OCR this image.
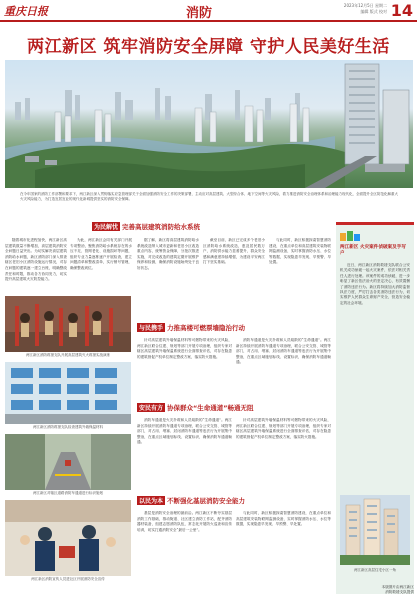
重庆日报	消防
2023年12月5日 星期二
编辑 版式 校对 14
两江新区 筑牢消防安全屏障 守护人民美好生活
在今年国家的消防工作部署和要求下，两江新区深入贯彻落实应急管理部关于全面加强消防安全工作的决策部署，主动应对高层建筑、大型综合体、地下空间等火灾风险，着力推进消防安全治理体系和治理能力现代化，全面提升全区防范化解重大火灾风险能力，为打造宜居宜业的现代化新城提供坚实的消防安全保障。
为民解忧 完善高层建筑消防给水系统
随着城市化进程加快，两江新区高层建筑数量不断增加，高层建筑消防安全问题日益突出。为切实解决高层建筑消防给水问题，新区消防部门深入排查辖区老旧小区消防设施运行情况，对存在问题的建筑逐一建立台账，明确整改责任和时限，推动各方协同发力，切实提升高层建筑火灾防控能力。
为此，两江新区会同有关部门开展专项整治，聚焦消防给水系统存在的水压不足、管网老化、设施损坏等问题，组织专业力量逐栋逐户开展检查，建立问题清单和整改清单，实行销号管理，确保整改到位。
据了解，新区将高层建筑消防给水系统改造纳入城市更新和老旧小区改造重点内容，统筹资金保障，分批次推进实施，对完成改造的建筑定期开展维护保养和检测，确保消防设施始终处于良好状态。
截至目前，新区已完成多个老旧小区消防给水系统改造，惠及居民数万户，消防供水能力显著提升，群众安全感和满意度持续增强，为建设平安两江打下坚实基础。
与此同时，新区积极探索智慧消防建设，在重点单位和高层建筑安装物联网监测设备，实时掌握消防水压、水位等数据，实现隐患早发现、早预警、早处置。
两江新区消防救援支队开展高层建筑灭火救援实战演练
两江新区消防救援支队检查建筑外墙保温材料
两江新区对辖区道路消防车通道进行标识施划
两江新区消防宣传人员进社区开展消防安全宣传
与民携手 力推高楼可燃票墙隐治行动
针对高层建筑外墙保温材料等可燃物带来的火灾风险，两江新区联合住建、规划等部门开展专项治理，组织专家对辖区高层建筑外墙保温系统进行全面排查评估，对存在隐患的建筑督促产权单位制定整改方案，落实防火措施。
消防车通道是火灾扑救和人员疏散的“生命通道”。两江新区持续开展消防车通道专项治理，联合公安交管、城管等部门，对占用、堵塞、封闭消防车通道等违法行为开展集中整治，在重点区域施划标线、设置标识，确保消防车通道畅通。
安民有方 协保群众“生命通道”畅通无阻
消防车通道是火灾扑救和人员疏散的“生命通道”。两江新区持续开展消防车通道专项治理，联合公安交管、城管等部门，对占用、堵塞、封闭消防车通道等违法行为开展集中整治，在重点区域施划标线、设置标识，确保消防车通道畅通。
针对高层建筑外墙保温材料等可燃物带来的火灾风险，两江新区联合住建、规划等部门开展专项治理，组织专家对辖区高层建筑外墙保温系统进行全面排查评估，对存在隐患的建筑督促产权单位制定整改方案，落实防火措施。
以民为本 不断强化基层消防安全能力
基层是消防安全治理的最前沿。两江新区不断夯实基层消防工作基础，推动街道、社区建立消防工作站，配齐消防器材装备，组建志愿消防队伍，常态化开展防火巡查和宣传培训，切实打通消防安全“最后一公里”。
与此同时，新区积极探索智慧消防建设，在重点单位和高层建筑安装物联网监测设备，实时掌握消防水压、水位等数据，实现隐患早发现、早预警、早处置。
两江新区 火灾案件侦破案及手写户
近日，两江新区消防救援支队联合公安机关成功侦破一起火灾案件，依法对相关责任人进行处理。该案件的成功侦破，进一步彰显了新区依法治火的坚定决心，有效震慑了消防违法行为。新区将持续加大消防监督执法力度，严厉打击各类消防违法行为，切实维护人民群众生命财产安全，营造安全稳定的社会环境。
两江新区高层住宅小区一角
本版图片由两江新区
消防救援支队提供
